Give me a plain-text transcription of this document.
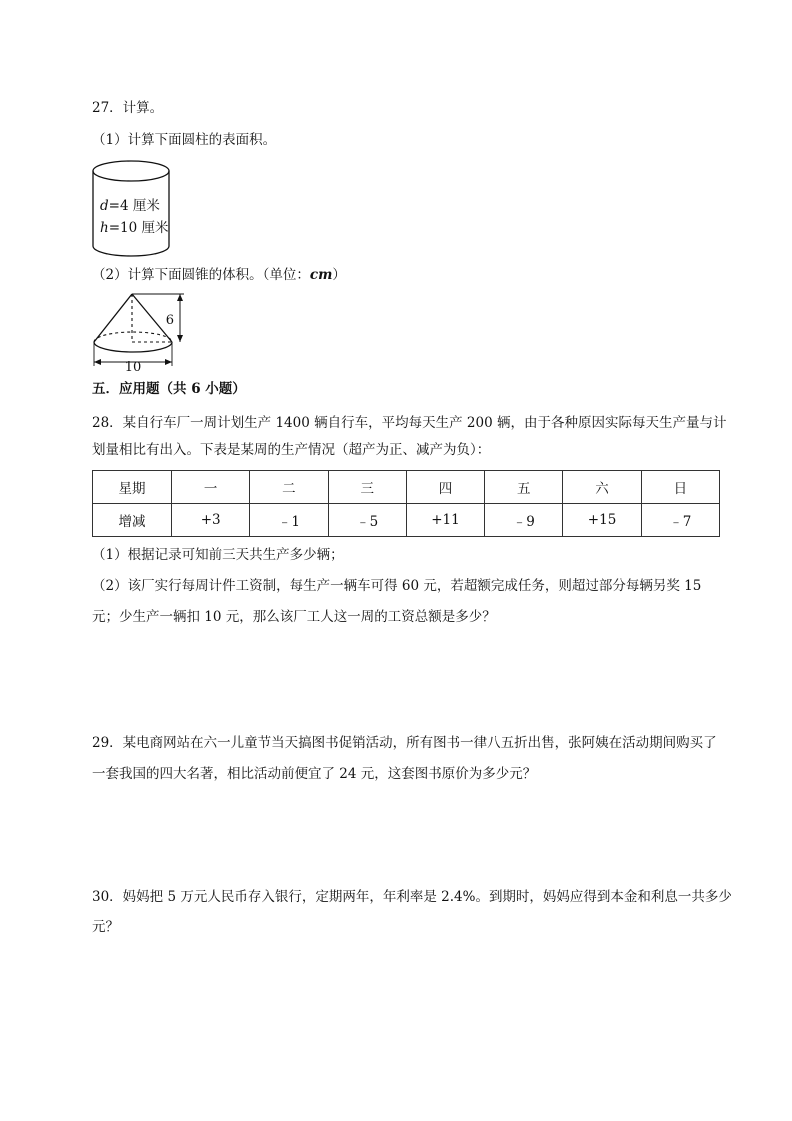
27．计算。
（1）计算下面圆柱的表面积。
d=4 厘米
h=10 厘米
（2）计算下面圆锥的体积。（单位：cm）
6
10
五．应用题（共 6 小题）
28．某自行车厂一周计划生产 1400 辆自行车，平均每天生产 200 辆，由于各种原因实际每天生产量与计
划量相比有出入。下表是某周的生产情况（超产为正、减产为负）：
星期	一	二	三	四	五	六	日
增减	+3	﹣1	﹣5	+11	﹣9	+15	﹣7
（1）根据记录可知前三天共生产多少辆；
（2）该厂实行每周计件工资制，每生产一辆车可得 60 元，若超额完成任务，则超过部分每辆另奖 15
元；少生产一辆扣 10 元，那么该厂工人这一周的工资总额是多少？
29．某电商网站在六一儿童节当天搞图书促销活动，所有图书一律八五折出售，张阿姨在活动期间购买了
一套我国的四大名著，相比活动前便宜了 24 元，这套图书原价为多少元？
30．妈妈把 5 万元人民币存入银行，定期两年，年利率是 2.4%。到期时，妈妈应得到本金和利息一共多少
元？
